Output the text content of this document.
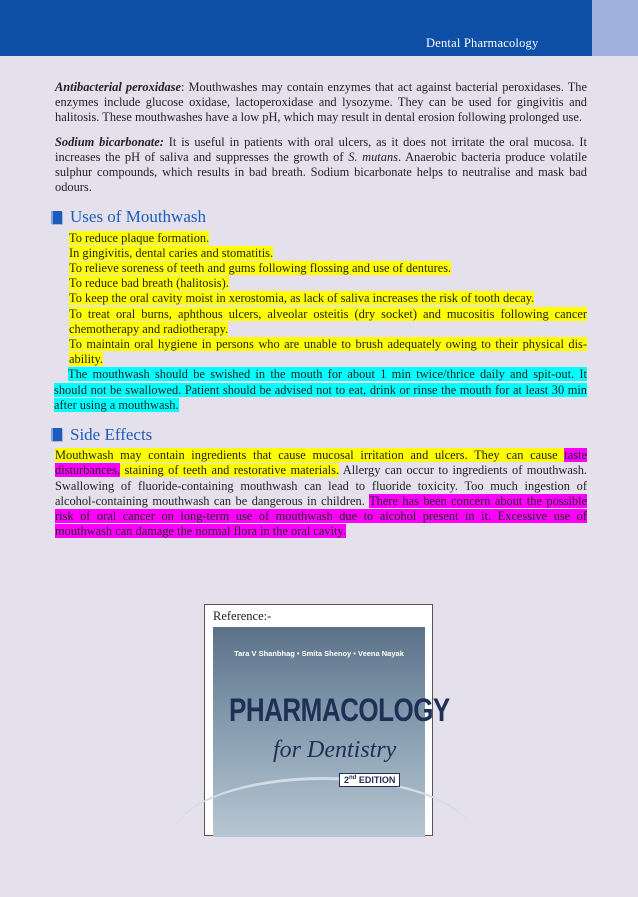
Dental Pharmacology

Antibacterial peroxidase: Mouthwashes may contain enzymes that act against bacterial peroxidases. The enzymes include glucose oxidase, lactoperoxidase and lysozyme. They can be used for gingivitis and halitosis. These mouthwashes have a low pH, which may result in dental erosion following prolonged use.

Sodium bicarbonate: It is useful in patients with oral ulcers, as it does not irritate the oral mucosa. It increases the pH of saliva and suppresses the growth of S. mutans. Anaerobic bacteria produce volatile sulphur compounds, which results in bad breath. Sodium bicarbonate helps to neutralise and mask bad odours.

Uses of Mouthwash
To reduce plaque formation.
In gingivitis, dental caries and stomatitis.
To relieve soreness of teeth and gums following flossing and use of dentures.
To reduce bad breath (halitosis).
To keep the oral cavity moist in xerostomia, as lack of saliva increases the risk of tooth decay.
To treat oral burns, aphthous ulcers, alveolar osteitis (dry socket) and mucositis following cancer chemotherapy and radiotherapy.
To maintain oral hygiene in persons who are unable to brush adequately owing to their physical dis-ability.

The mouthwash should be swished in the mouth for about 1 min twice/thrice daily and spit-out. It should not be swallowed. Patient should be advised not to eat, drink or rinse the mouth for at least 30 min after using a mouthwash.

Side Effects

Mouthwash may contain ingredients that cause mucosal irritation and ulcers. They can cause taste disturbances, staining of teeth and restorative materials. Allergy can occur to ingredients of mouthwash. Swallowing of fluoride-containing mouthwash can lead to fluoride toxicity. Too much ingestion of alcohol-containing mouthwash can be dangerous in children. There has been concern about the possible risk of oral cancer on long-term use of mouthwash due to alcohol present in it. Excessive use of mouthwash can damage the normal flora in the oral cavity.

Reference:-
Tara V Shanbhag • Smita Shenoy • Veena Nayak
PHARMACOLOGY
for Dentistry
2nd EDITION
